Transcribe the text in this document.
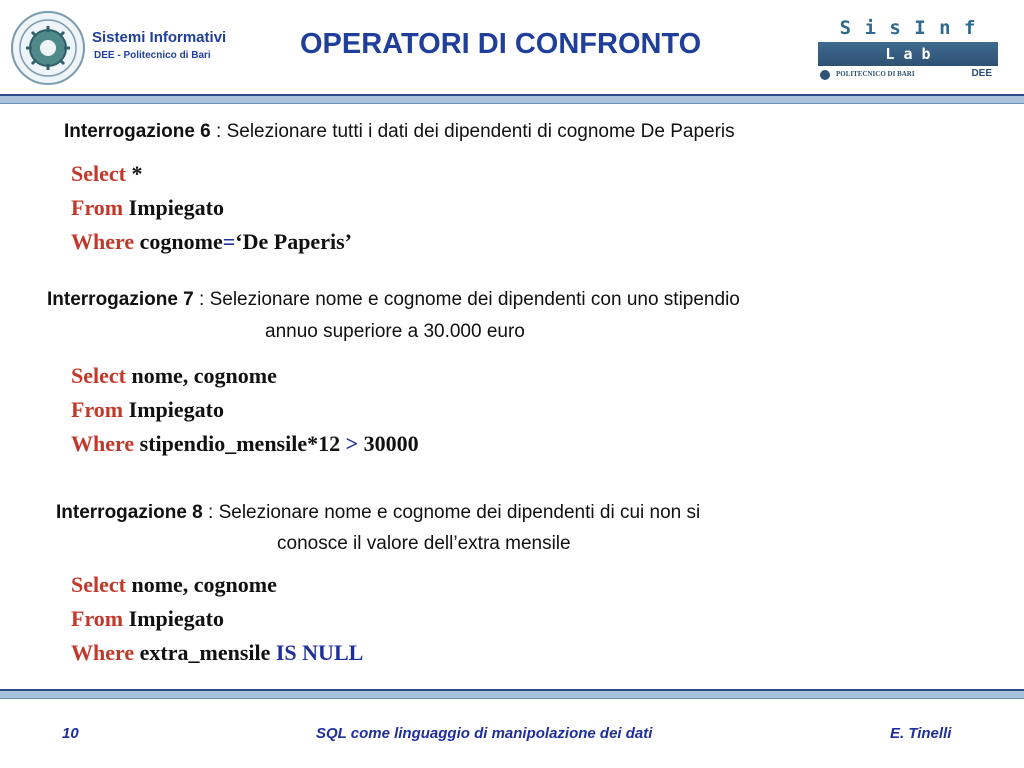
Sistemi Informativi
DEE - Politecnico di Bari	OPERATORI DI CONFRONTO	S i s I n f
L a b
POLITECNICO DI BARI	DEE
Interrogazione 6 : Selezionare tutti i dati dei dipendenti di cognome De Paperis
Select *
From Impiegato
Where cognome=‘De Paperis’
Interrogazione 7 : Selezionare nome e cognome dei dipendenti con uno stipendio
annuo superiore a 30.000 euro
Select nome, cognome
From Impiegato
Where stipendio_mensile*12 > 30000
Interrogazione 8 : Selezionare nome e cognome dei dipendenti di cui non si
conosce il valore dell’extra mensile
Select nome, cognome
From Impiegato
Where extra_mensile IS NULL
10	SQL come linguaggio di manipolazione dei dati	E. Tinelli
